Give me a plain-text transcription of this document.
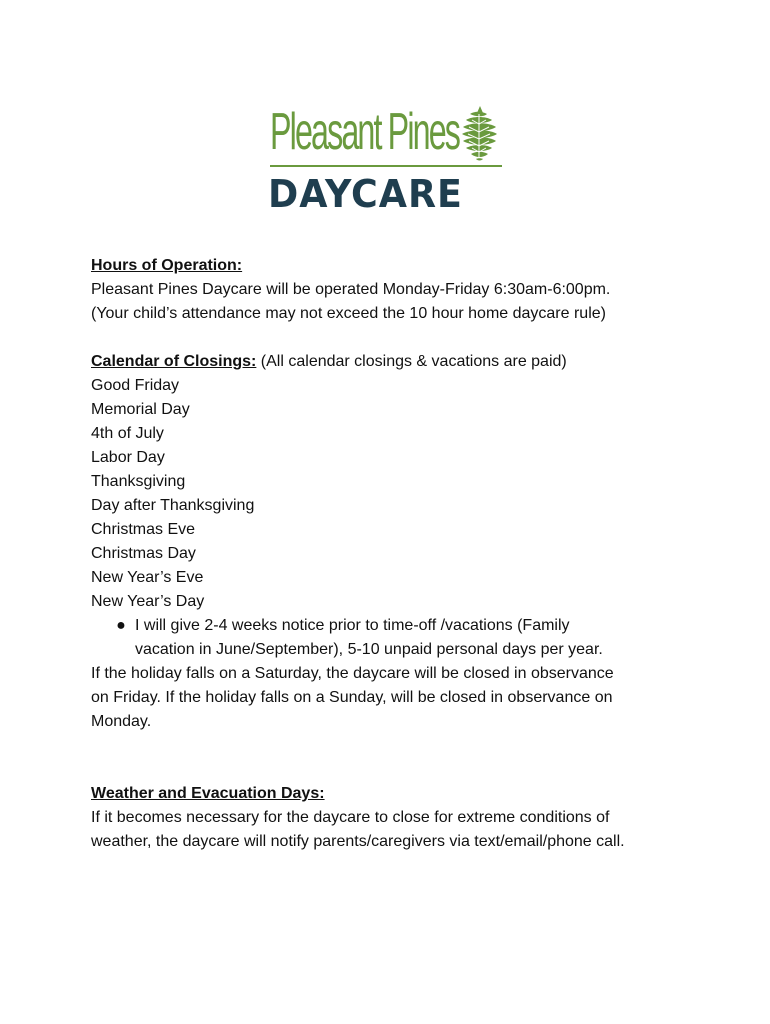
Pleasant Pines
DAYCARE
Hours of Operation:
Pleasant Pines Daycare will be operated Monday-Friday 6:30am-6:00pm.
(Your child’s attendance may not exceed the 10 hour home daycare rule)
Calendar of Closings: (All calendar closings & vacations are paid)
Good Friday
Memorial Day
4th of July
Labor Day
Thanksgiving
Day after Thanksgiving
Christmas Eve
Christmas Day
New Year’s Eve
New Year’s Day
● I will give 2-4 weeks notice prior to time-off /vacations (Family
vacation in June/September), 5-10 unpaid personal days per year.
If the holiday falls on a Saturday, the daycare will be closed in observance
on Friday. If the holiday falls on a Sunday, will be closed in observance on
Monday.
Weather and Evacuation Days:
If it becomes necessary for the daycare to close for extreme conditions of
weather, the daycare will notify parents/caregivers via text/email/phone call.
